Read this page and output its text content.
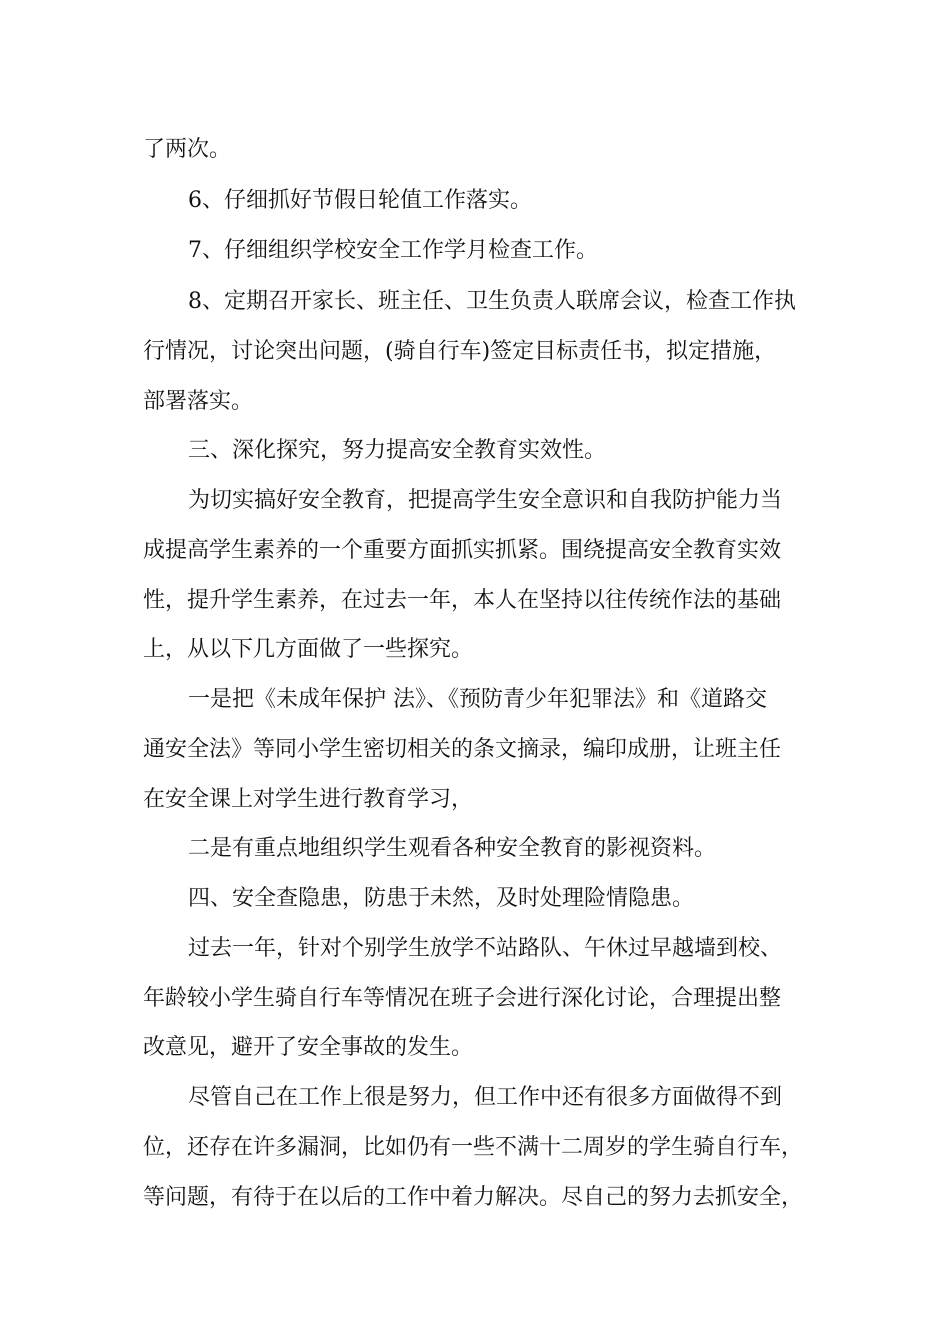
了两次。
6、仔细抓好节假日轮值工作落实。
7、仔细组织学校安全工作学月检查工作。
8、定期召开家长、班主任、卫生负责人联席会议，检查工作执
行情况，讨论突出问题，(骑自行车)签定目标责任书，拟定措施，
部署落实。
三、深化探究，努力提高安全教育实效性。
为切实搞好安全教育，把提高学生安全意识和自我防护能力当
成提高学生素养的一个重要方面抓实抓紧。围绕提高安全教育实效
性，提升学生素养，在过去一年，本人在坚持以往传统作法的基础
上，从以下几方面做了一些探究。
一是把《未成年保护 法》、《预防青少年犯罪法》和《道路交
通安全法》等同小学生密切相关的条文摘录，编印成册，让班主任
在安全课上对学生进行教育学习，
二是有重点地组织学生观看各种安全教育的影视资料。
四、安全查隐患，防患于未然，及时处理险情隐患。
过去一年，针对个别学生放学不站路队、午休过早越墙到校、
年龄较小学生骑自行车等情况在班子会进行深化讨论，合理提出整
改意见，避开了安全事故的发生。
尽管自己在工作上很是努力，但工作中还有很多方面做得不到
位，还存在许多漏洞，比如仍有一些不满十二周岁的学生骑自行车，
等问题，有待于在以后的工作中着力解决。尽自己的努力去抓安全，
